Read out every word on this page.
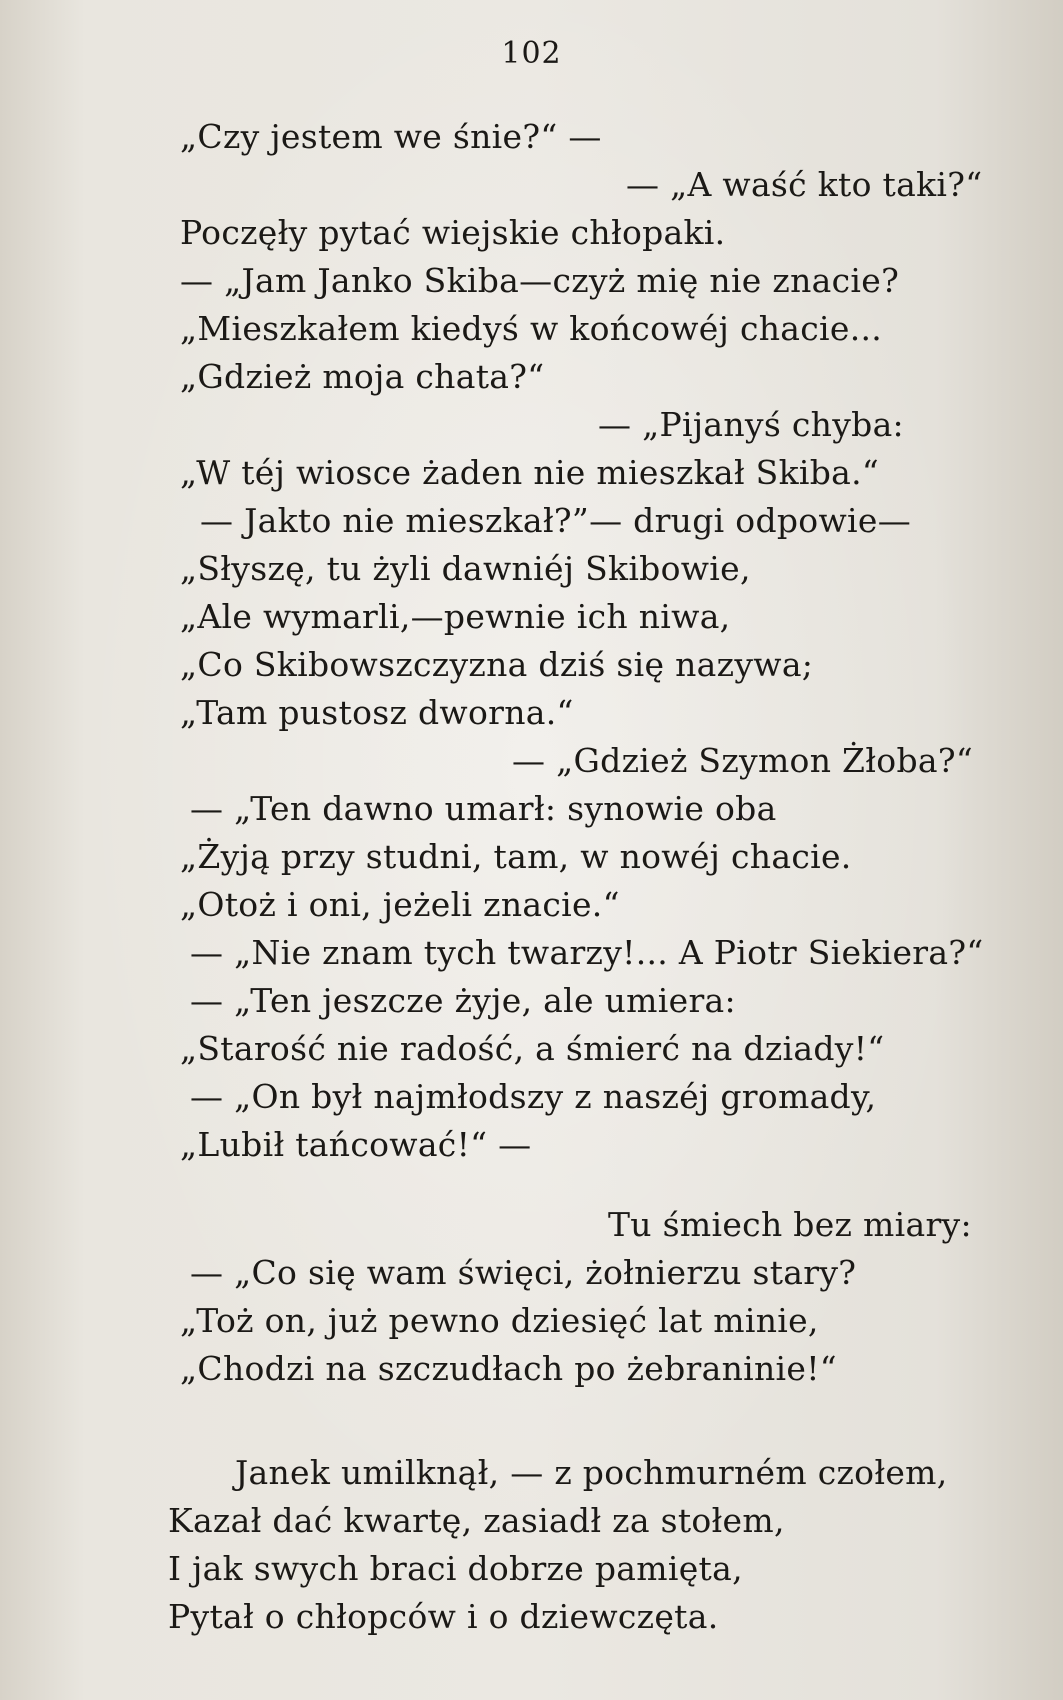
102
„Czy jestem we śnie?“ —
— „A waść kto taki?“
Poczęły pytać wiejskie chłopaki.
— „Jam Janko Skiba—czyż mię nie znacie?
„Mieszkałem kiedyś w końcowéj chacie...
„Gdzież moja chata?“
— „Pijanyś chyba:
„W téj wiosce żaden nie mieszkał Skiba.“
— Jakto nie mieszkał?”— drugi odpowie—
„Słyszę, tu żyli dawniéj Skibowie,
„Ale wymarli,—pewnie ich niwa,
„Co Skibowszczyzna dziś się nazywa;
„Tam pustosz dworna.“
— „Gdzież Szymon Żłoba?“
— „Ten dawno umarł: synowie oba
„Żyją przy studni, tam, w nowéj chacie.
„Otoż i oni, jeżeli znacie.“
— „Nie znam tych twarzy!... A Piotr Siekiera?“
— „Ten jeszcze żyje, ale umiera:
„Starość nie radość, a śmierć na dziady!“
— „On był najmłodszy z naszéj gromady,
„Lubił tańcować!“ —
Tu śmiech bez miary:
— „Co się wam święci, żołnierzu stary?
„Toż on, już pewno dziesięć lat minie,
„Chodzi na szczudłach po żebraninie!“
Janek umilknął, — z pochmurném czołem,
Kazał dać kwartę, zasiadł za stołem,
I jak swych braci dobrze pamięta,
Pytał o chłopców i o dziewczęta.
